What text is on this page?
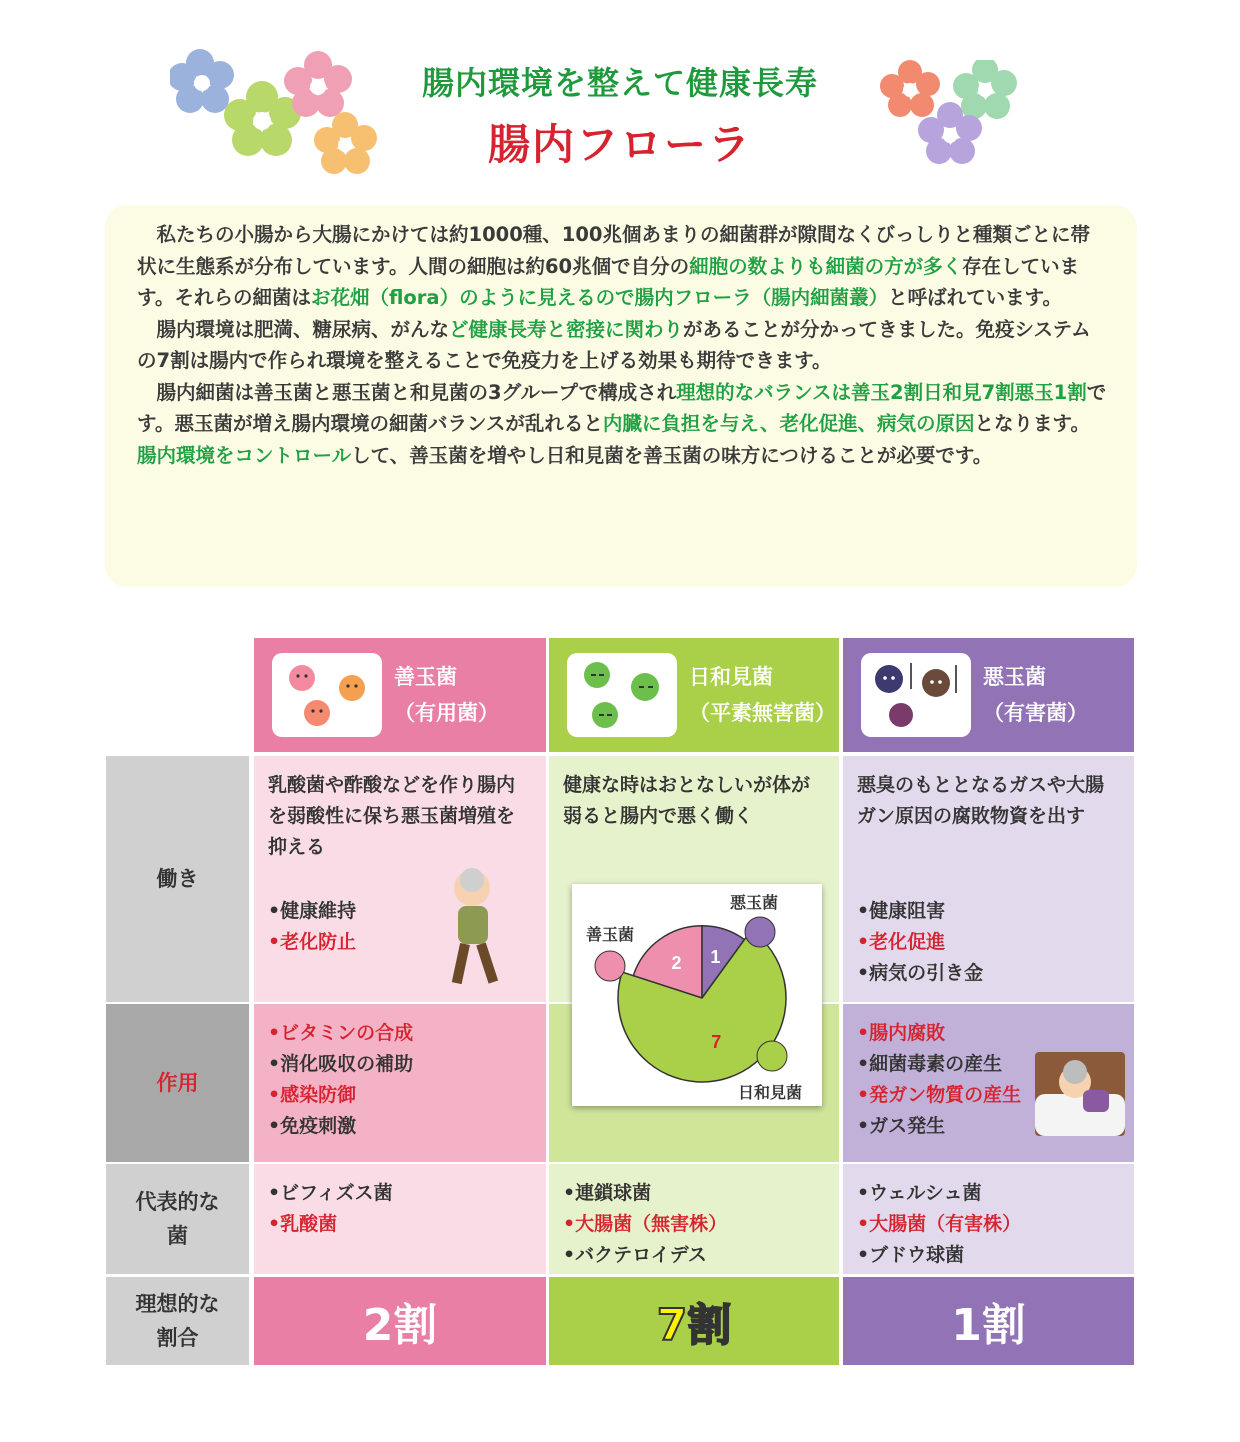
腸内環境を整えて健康長寿
腸内フローラ

私たちの小腸から大腸にかけては約1000種、100兆個あまりの細菌群が隙間なくびっしりと種類ごとに帯状に生態系が分布しています。人間の細胞は約60兆個で自分の細胞の数よりも細菌の方が多く存在しています。それらの細菌はお花畑（flora）のように見えるので腸内フローラ（腸内細菌叢）と呼ばれています。

腸内環境は肥満、糖尿病、がんなど健康長寿と密接に関わりがあることが分かってきました。免疫システムの7割は腸内で作られ環境を整えることで免疫力を上げる効果も期待できます。

腸内細菌は善玉菌と悪玉菌と和見菌の3グループで構成され理想的なバランスは善玉2割日和見7割悪玉1割です。悪玉菌が増え腸内環境の細菌バランスが乱れると内臓に負担を与え、老化促進、病気の原因となります。腸内環境をコントロールして、善玉菌を増やし日和見菌を善玉菌の味方につけることが必要です。

善玉菌
（有用菌）
日和見菌
（平素無害菌）
悪玉菌
（有害菌）
働き
作用
代表的な
菌
理想的な
割合
乳酸菌や酢酸などを作り腸内を弱酸性に保ち悪玉菌増殖を抑える
•健康維持
•老化防止
•ビタミンの合成
•消化吸収の補助
•感染防御
•免疫刺激
•ビフィズス菌
•乳酸菌
2割
健康な時はおとなしいが体が弱ると腸内で悪く働く
•連鎖球菌
•大腸菌（無害株）
•バクテロイデス
7割
悪臭のもととなるガスや大腸ガン原因の腐敗物資を出す
•健康阻害
•老化促進
•病気の引き金
•腸内腐敗
•細菌毒素の産生
•発ガン物質の産生
•ガス発生
•ウェルシュ菌
•大腸菌（有害株）
•ブドウ球菌
1割
2 1
7
善玉菌
悪玉菌
日和見菌
